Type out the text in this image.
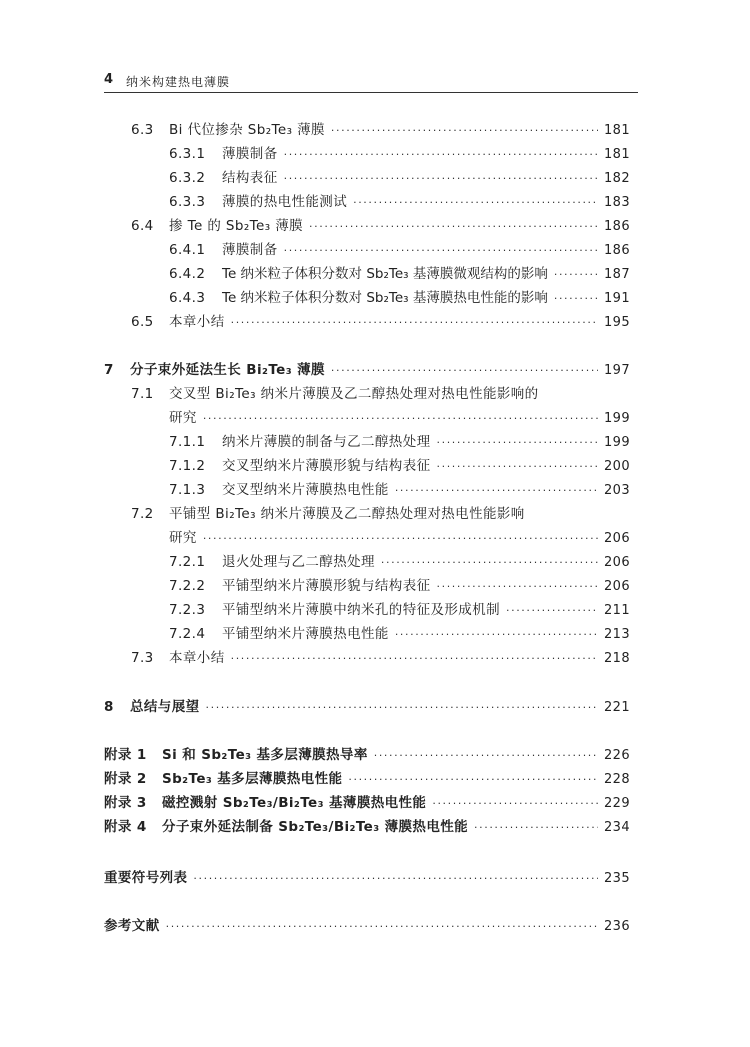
4 纳米构建热电薄膜
6.3	Bi 代位掺杂 Sb₂Te₃ 薄膜 ·····	181
6.3.1	薄膜制备 ·····	181
6.3.2	结构表征 ·····	182
6.3.3	薄膜的热电性能测试 ·····	183
6.4	掺 Te 的 Sb₂Te₃ 薄膜 ·····	186
6.4.1	薄膜制备 ·····	186
6.4.2	Te 纳米粒子体积分数对 Sb₂Te₃ 基薄膜微观结构的影响 ·····	187
6.4.3	Te 纳米粒子体积分数对 Sb₂Te₃ 基薄膜热电性能的影响 ·····	191
6.5	本章小结 ·····	195
7	分子束外延法生长 Bi₂Te₃ 薄膜 ·····	197
7.1	交叉型 Bi₂Te₃ 纳米片薄膜及乙二醇热处理对热电性能影响的
研究 ·····	199
7.1.1	纳米片薄膜的制备与乙二醇热处理 ·····	199
7.1.2	交叉型纳米片薄膜形貌与结构表征 ·····	200
7.1.3	交叉型纳米片薄膜热电性能 ·····	203
7.2	平铺型 Bi₂Te₃ 纳米片薄膜及乙二醇热处理对热电性能影响
研究 ·····	206
7.2.1	退火处理与乙二醇热处理 ·····	206
7.2.2	平铺型纳米片薄膜形貌与结构表征 ·····	206
7.2.3	平铺型纳米片薄膜中纳米孔的特征及形成机制 ·····	211
7.2.4	平铺型纳米片薄膜热电性能 ·····	213
7.3	本章小结 ·····	218
8	总结与展望 ·····	221
附录 1	Si 和 Sb₂Te₃ 基多层薄膜热导率 ·····	226
附录 2	Sb₂Te₃ 基多层薄膜热电性能 ·····	228
附录 3	磁控溅射 Sb₂Te₃/Bi₂Te₃ 基薄膜热电性能 ·····	229
附录 4	分子束外延法制备 Sb₂Te₃/Bi₂Te₃ 薄膜热电性能 ·····	234
重要符号列表 ·····	235
参考文献 ·····	236
